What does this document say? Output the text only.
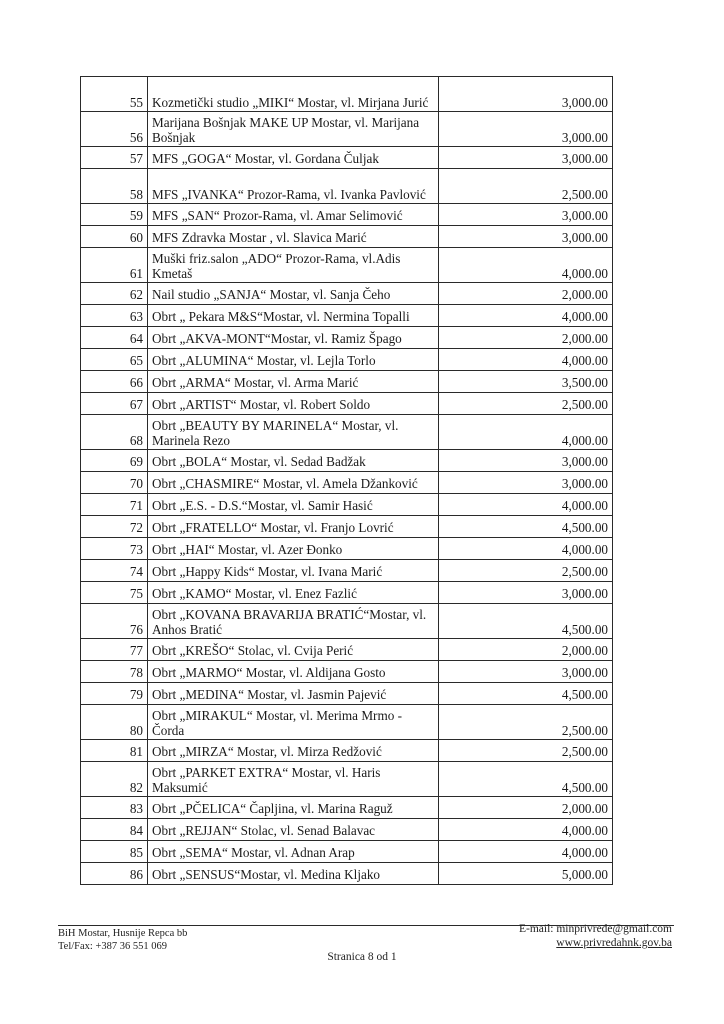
55	Kozmetički studio „MIKI“ Mostar, vl. Mirjana Jurić	3,000.00
56	Marijana Bošnjak MAKE UP Mostar, vl. Marijana Bošnjak	3,000.00
57	MFS „GOGA“ Mostar, vl. Gordana Čuljak	3,000.00
58	MFS „IVANKA“ Prozor-Rama, vl. Ivanka Pavlović	2,500.00
59	MFS „SAN“ Prozor-Rama, vl. Amar Selimović	3,000.00
60	MFS Zdravka Mostar , vl. Slavica Marić	3,000.00
61	Muški friz.salon „ADO“ Prozor-Rama, vl.Adis Kmetaš	4,000.00
62	Nail studio „SANJA“ Mostar, vl. Sanja Čeho	2,000.00
63	Obrt „ Pekara M&S“Mostar, vl. Nermina Topalli	4,000.00
64	Obrt „AKVA-MONT“Mostar, vl. Ramiz Špago	2,000.00
65	Obrt „ALUMINA“ Mostar, vl. Lejla Torlo	4,000.00
66	Obrt „ARMA“ Mostar, vl. Arma Marić	3,500.00
67	Obrt „ARTIST“ Mostar, vl. Robert Soldo	2,500.00
68	Obrt „BEAUTY BY MARINELA“ Mostar, vl. Marinela Rezo	4,000.00
69	Obrt „BOLA“ Mostar, vl. Sedad Badžak	3,000.00
70	Obrt „CHASMIRE“ Mostar, vl. Amela Džanković	3,000.00
71	Obrt „E.S. - D.S.“Mostar, vl. Samir Hasić	4,000.00
72	Obrt „FRATELLO“ Mostar, vl. Franjo Lovrić	4,500.00
73	Obrt „HAI“ Mostar, vl. Azer Đonko	4,000.00
74	Obrt „Happy Kids“ Mostar, vl. Ivana Marić	2,500.00
75	Obrt „KAMO“ Mostar, vl. Enez Fazlić	3,000.00
76	Obrt „KOVANA BRAVARIJA BRATIĆ“Mostar, vl. Anhos Bratić	4,500.00
77	Obrt „KREŠO“ Stolac, vl. Cvija Perić	2,000.00
78	Obrt „MARMO“ Mostar, vl. Aldijana Gosto	3,000.00
79	Obrt „MEDINA“ Mostar, vl. Jasmin Pajević	4,500.00
80	Obrt „MIRAKUL“ Mostar, vl. Merima Mrmo - Čorda	2,500.00
81	Obrt „MIRZA“ Mostar, vl. Mirza Redžović	2,500.00
82	Obrt „PARKET EXTRA“ Mostar, vl. Haris Maksumić	4,500.00
83	Obrt „PČELICA“ Čapljina, vl. Marina Raguž	2,000.00
84	Obrt „REJJAN“ Stolac, vl. Senad Balavac	4,000.00
85	Obrt „SEMA“ Mostar, vl. Adnan Arap	4,000.00
86	Obrt „SENSUS“Mostar, vl. Medina Kljako	5,000.00
BiH Mostar, Husnije Repca bb
Tel/Fax: +387 36 551 069
E-mail: minprivrede@gmail.com
www.privredahnk.gov.ba
Stranica 8 od 1
